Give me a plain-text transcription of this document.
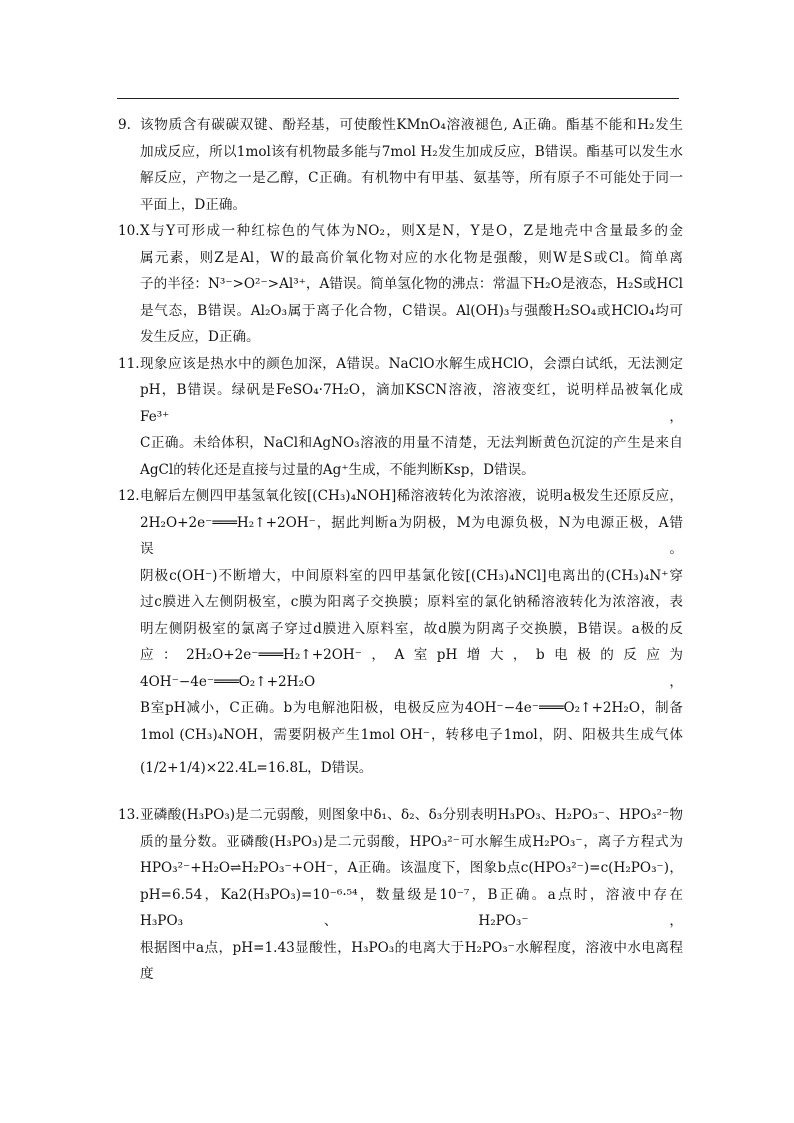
9. 该物质含有碳碳双键、酚羟基，可使酸性KMnO₄溶液褪色, A正确。酯基不能和H₂发生

加成反应，所以1mol该有机物最多能与7mol H₂发生加成反应，B错误。酯基可以发生水

解反应，产物之一是乙醇，C正确。有机物中有甲基、氨基等，所有原子不可能处于同一

平面上，D正确。

10. X与Y可形成一种红棕色的气体为NO₂，则X是N，Y是O，Z是地壳中含量最多的金

属元素，则Z是Al，W的最高价氧化物对应的水化物是强酸，则W是S或Cl。简单离

子的半径：N³⁻>O²⁻>Al³⁺，A错误。简单氢化物的沸点：常温下H₂O是液态，H₂S或HCl

是气态，B错误。Al₂O₃属于离子化合物，C错误。Al(OH)₃与强酸H₂SO₄或HClO₄均可

发生反应，D正确。

11. 现象应该是热水中的颜色加深，A错误。NaClO水解生成HClO，会漂白试纸，无法测定

pH，B错误。绿矾是FeSO₄·7H₂O，滴加KSCN溶液，溶液变红，说明样品被氧化成Fe³⁺，

C正确。未给体积，NaCl和AgNO₃溶液的用量不清楚，无法判断黄色沉淀的产生是来自

AgCl的转化还是直接与过量的Ag⁺生成，不能判断Ksp，D错误。

12. 电解后左侧四甲基氢氧化铵[(CH₃)₄NOH]稀溶液转化为浓溶液，说明a极发生还原反应，

2H₂O+2e⁻═══H₂↑+2OH⁻，据此判断a为阴极，M为电源负极，N为电源正极，A错误。

阴极c(OH⁻)不断增大，中间原料室的四甲基氯化铵[(CH₃)₄NCl]电离出的(CH₃)₄N⁺穿

过c膜进入左侧阴极室，c膜为阳离子交换膜；原料室的氯化钠稀溶液转化为浓溶液，表

明左侧阴极室的氯离子穿过d膜进入原料室，故d膜为阴离子交换膜，B错误。a极的反

应：2H₂O+2e⁻═══H₂↑+2OH⁻，A室pH增大，b电极的反应为4OH⁻−4e⁻═══O₂↑+2H₂O，

B室pH减小，C正确。b为电解池阳极，电极反应为4OH⁻−4e⁻═══O₂↑+2H₂O，制备

1mol (CH₃)₄NOH，需要阴极产生1mol OH⁻，转移电子1mol，阴、阳极共生成气体

(1/2+1/4)×22.4L=16.8L，D错误。

13. 亚磷酸(H₃PO₃)是二元弱酸，则图象中δ₁、δ₂、δ₃分别表明H₃PO₃、H₂PO₃⁻、HPO₃²⁻物

质的量分数。亚磷酸(H₃PO₃)是二元弱酸，HPO₃²⁻可水解生成H₂PO₃⁻，离子方程式为

HPO₃²⁻+H₂O⇌H₂PO₃⁻+OH⁻，A正确。该温度下，图象b点c(HPO₃²⁻)=c(H₂PO₃⁻)，

pH=6.54，Ka2(H₃PO₃)=10⁻⁶·⁵⁴，数量级是10⁻⁷，B正确。a点时，溶液中存在H₃PO₃、H₂PO₃⁻，

根据图中a点，pH=1.43显酸性，H₃PO₃的电离大于H₂PO₃⁻水解程度，溶液中水电离程度
